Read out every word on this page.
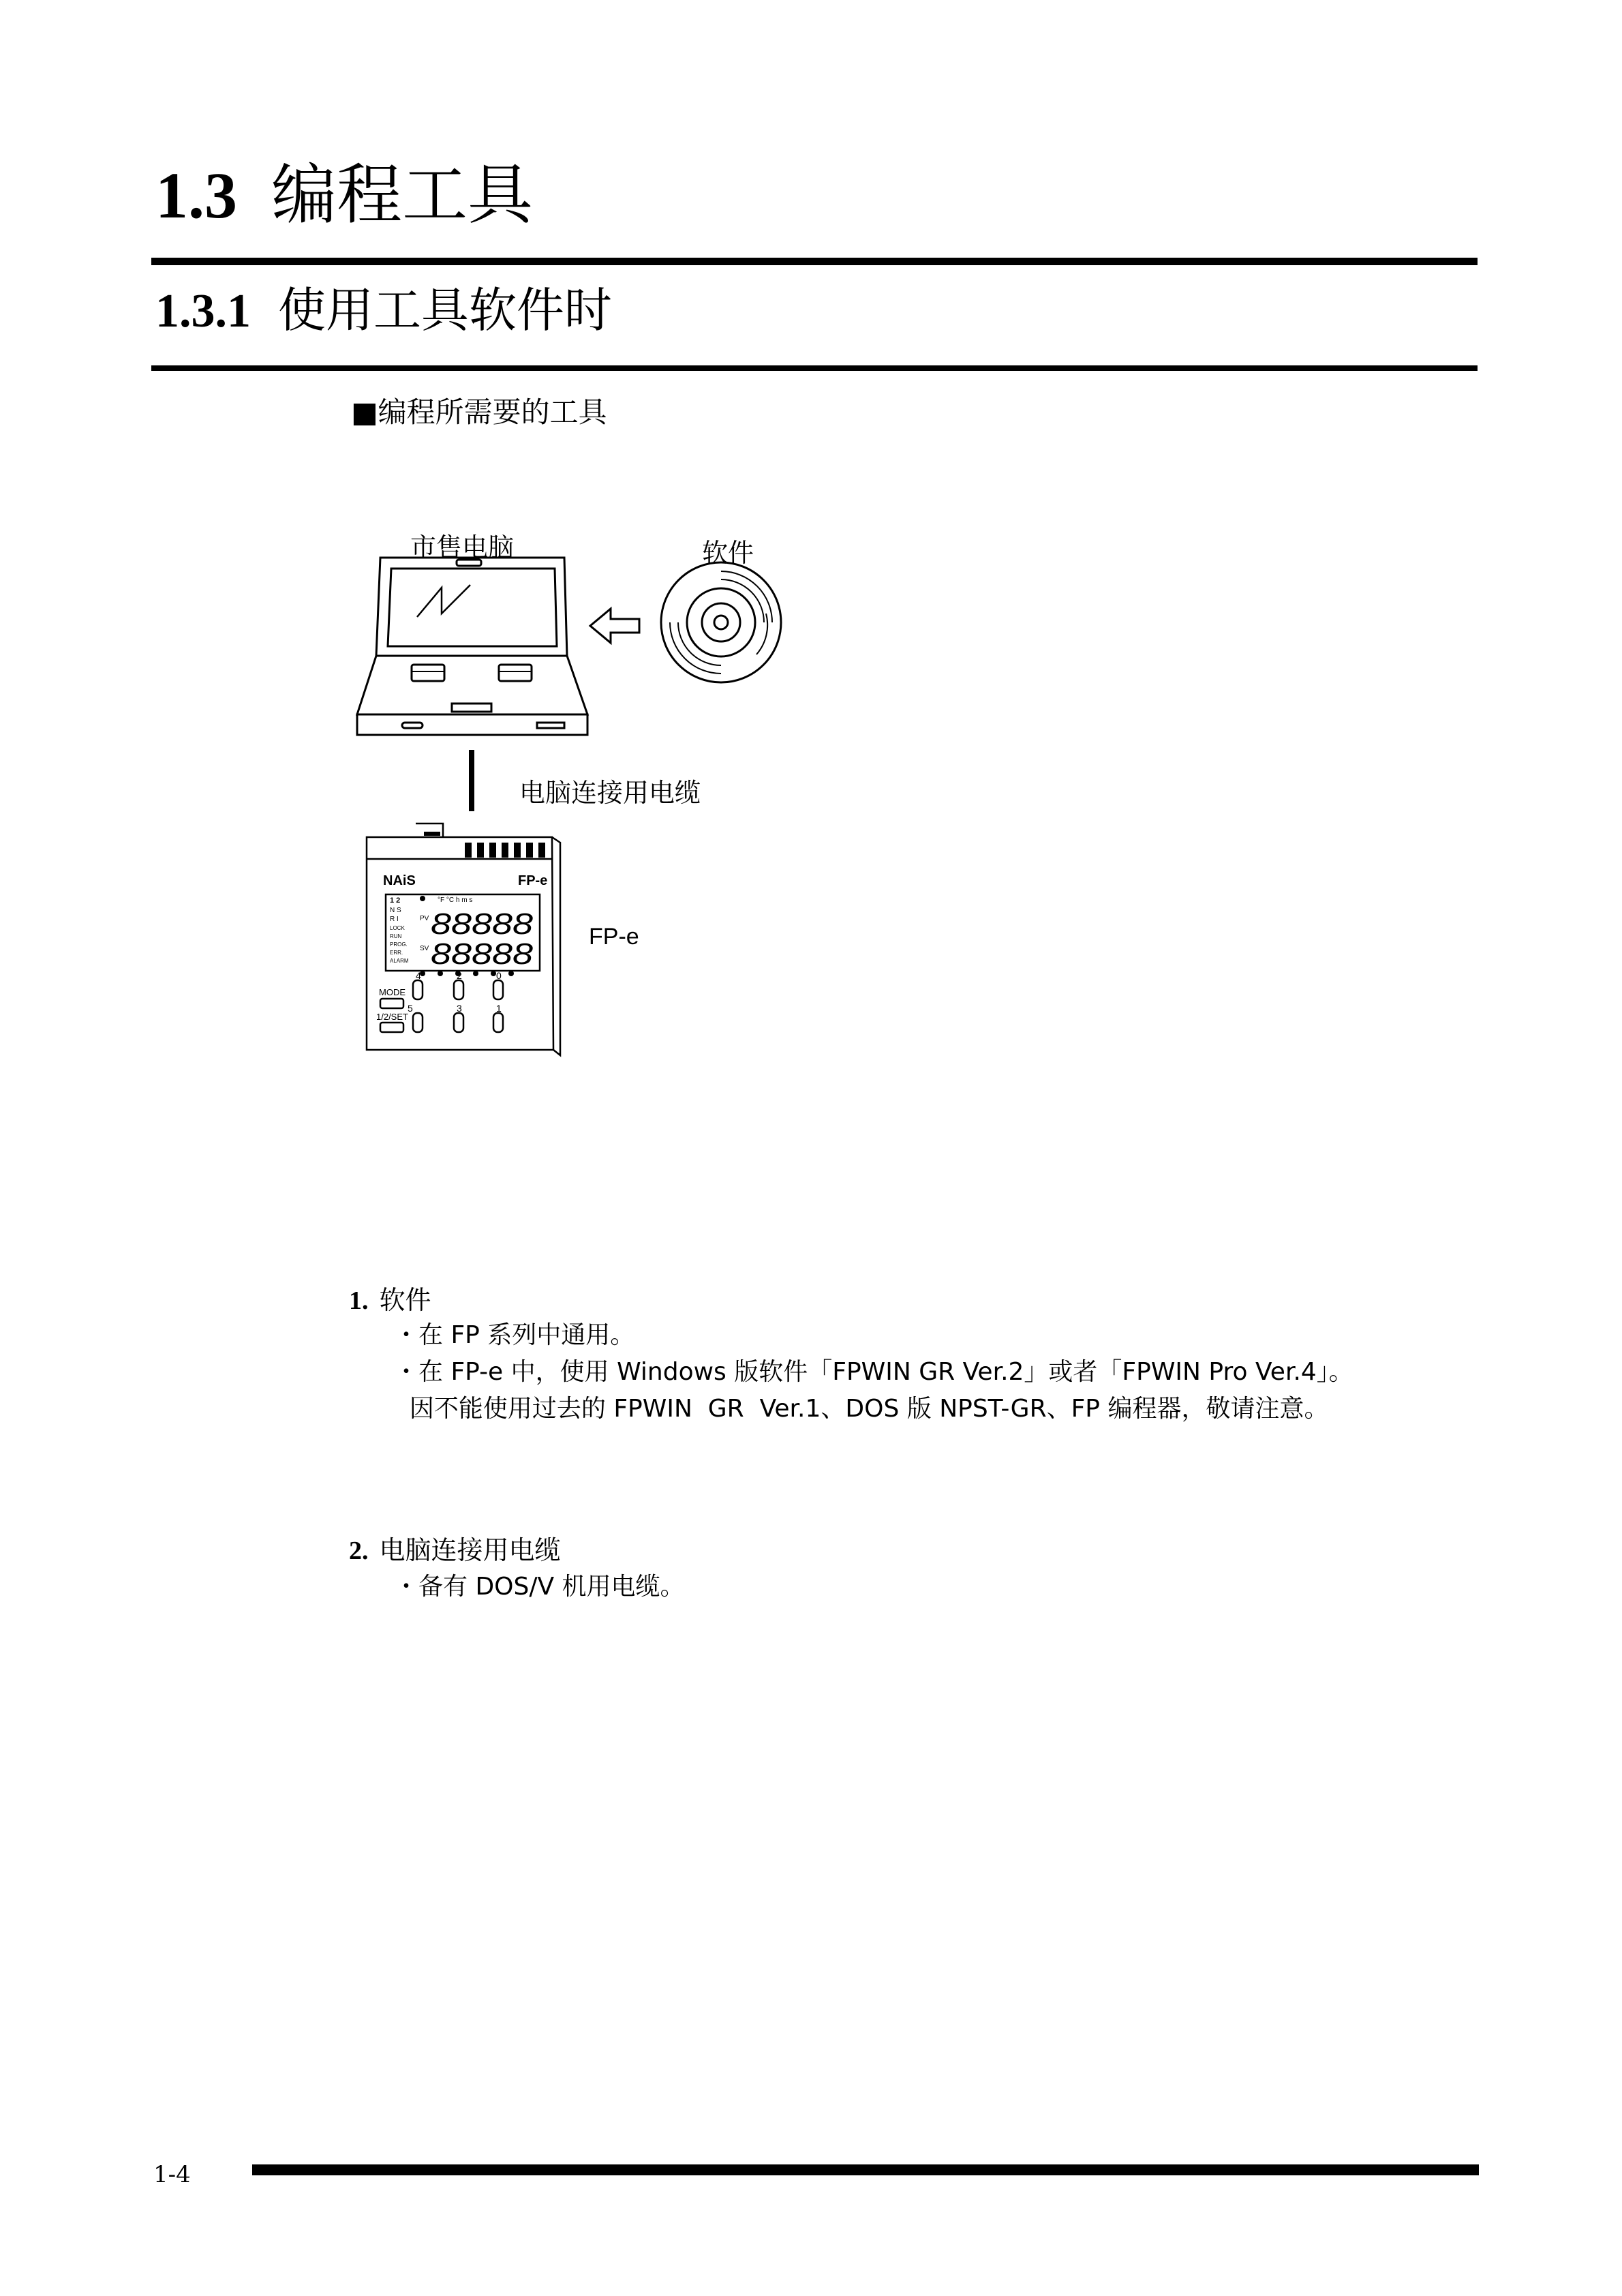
1.3 编程工具
1.3.1 使用工具软件时
■编程所需要的工具
市售电脑	软件
电脑连接用电缆
FP-e
NAiS	FP-e
°F °C h m s
PV
SV
1 2
N S
R I
LOCK
RUN
PROG.
ERR.
ALARM
88888
88888
MODE
1/2/SET
4	2	0
5	3	1
1. 软件
・在 FP 系列中通用。
・在 FP-e 中，使用 Windows 版软件「FPWIN GR Ver.2」或者「FPWIN Pro Ver.4」。
因不能使用过去的 FPWIN  GR  Ver.1、DOS 版 NPST-GR、FP 编程器，敬请注意。
2. 电脑连接用电缆
・备有 DOS/V 机用电缆。
1-4
